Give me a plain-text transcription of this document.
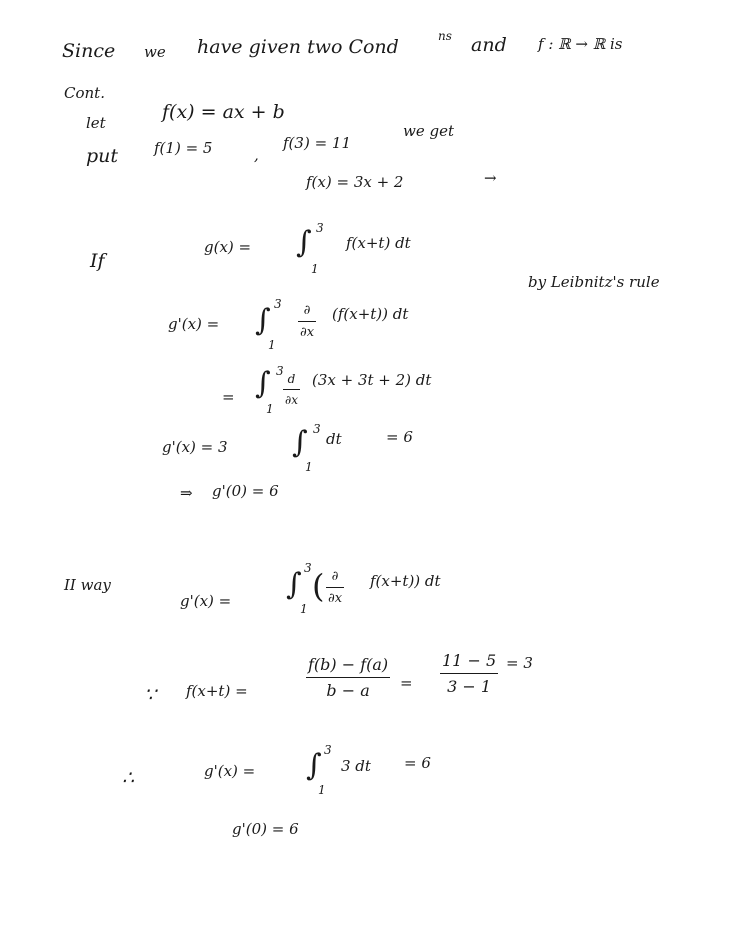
Since we have given two Cond	ns and f : ℝ → ℝ is
Cont.
let	f(x) = ax + b
put f(1) = 5	,
f(3) = 11
we get
f(x) = 3x + 2	→
If
g(x) = ∫ 3
1
f(x+t) dt
g'(x) = ∫ 3
1
∂
∂x
(f(x+t)) dt
by Leibnitz's rule
= ∫ 3
1
d
∂x
(3x + 3t + 2) dt
g'(x) = 3 ∫ 3
1
dt	= 6
⇒ g'(0) = 6
II way
g'(x) = ∫ 3
1
( ∂
∂x
f(x+t)) dt
∵ f(x+t) =
f(b) − f(a)
b − a	=
11 − 5
3 − 1
= 3
∴	g'(x) = ∫ 3
1
3 dt = 6
g'(0) = 6
